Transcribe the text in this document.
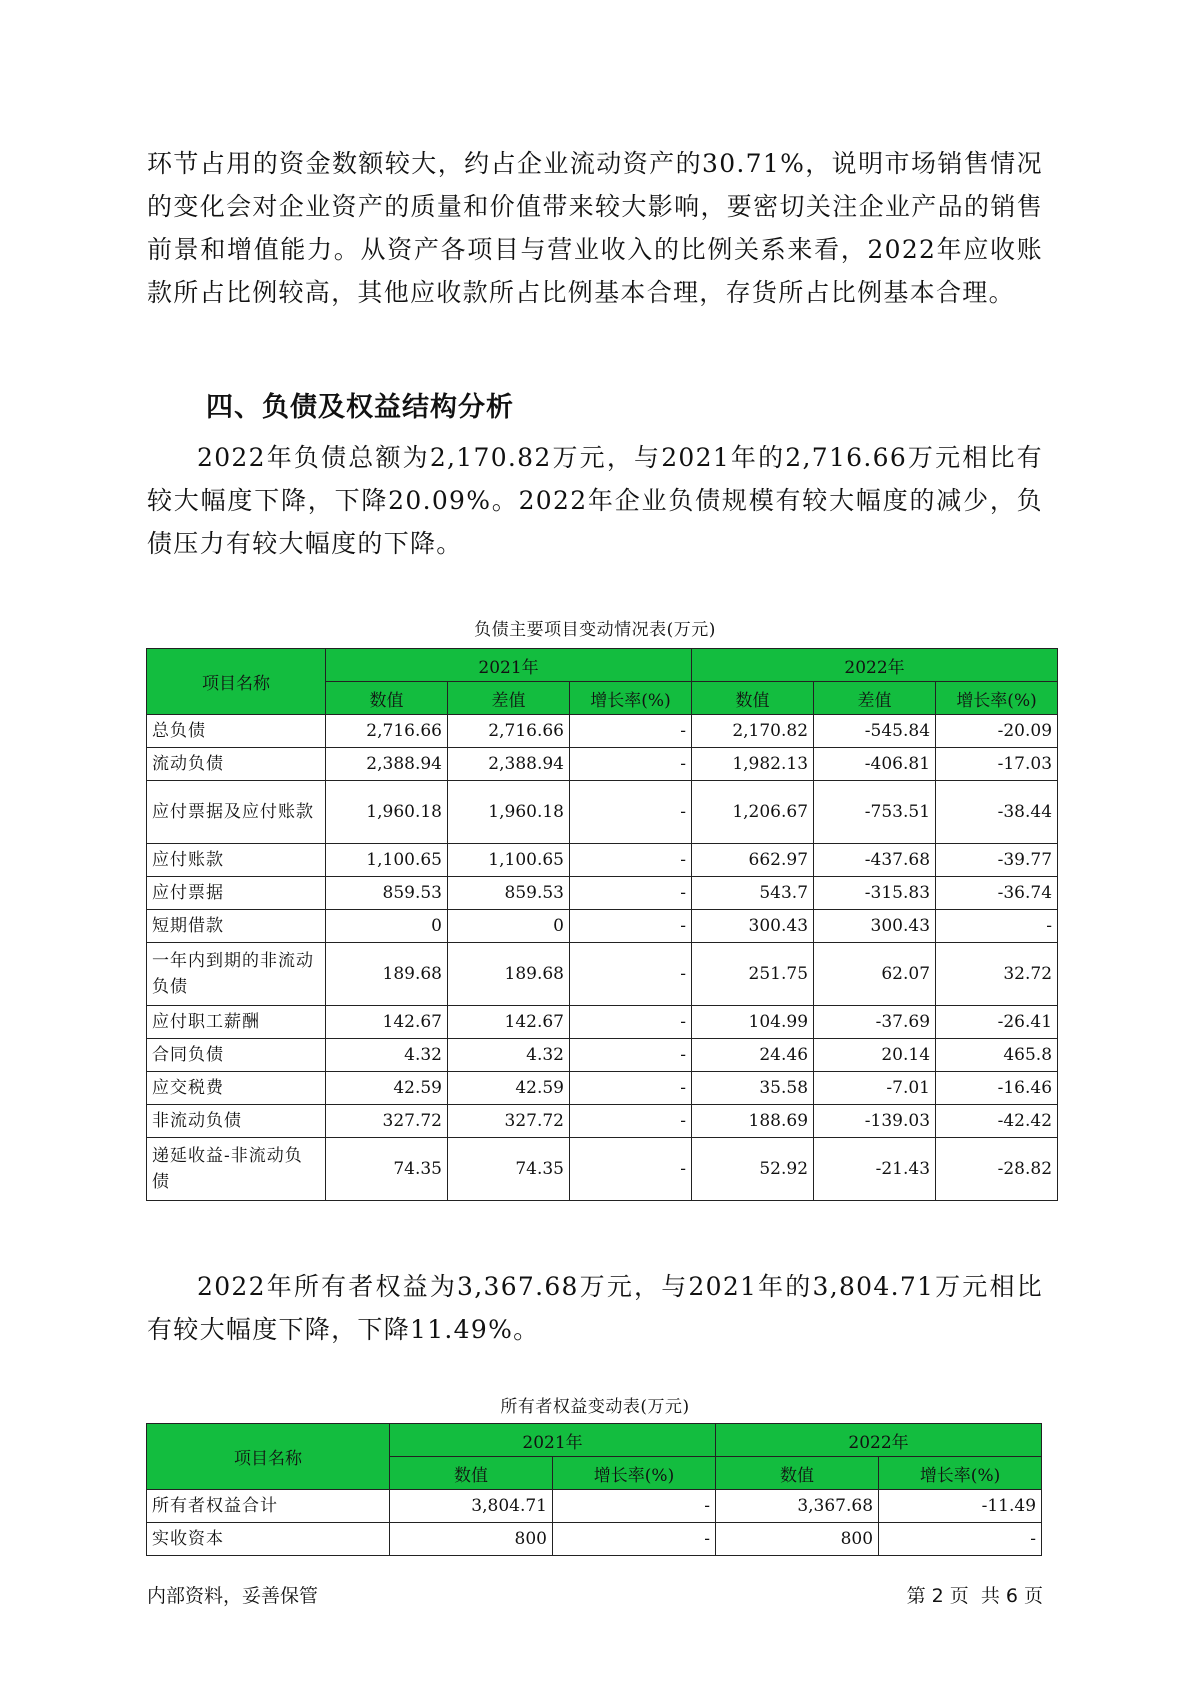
环节占用的资金数额较大，约占企业流动资产的30.71%，说明市场销售情况的变化会对企业资产的质量和价值带来较大影响，要密切关注企业产品的销售前景和增值能力。从资产各项目与营业收入的比例关系来看，2022年应收账款所占比例较高，其他应收款所占比例基本合理，存货所占比例基本合理。

四、负债及权益结构分析

2022年负债总额为2,170.82万元，与2021年的2,716.66万元相比有较大幅度下降，下降20.09%。2022年企业负债规模有较大幅度的减少，负债压力有较大幅度的下降。

负债主要项目变动情况表(万元)
项目名称	2021年			2022年		
	数值	差值	增长率(%)	数值	差值	增长率(%)
总负债	2,716.66	2,716.66	-	2,170.82	-545.84	-20.09
流动负债	2,388.94	2,388.94	-	1,982.13	-406.81	-17.03
应付票据及应付账款	1,960.18	1,960.18	-	1,206.67	-753.51	-38.44
应付账款	1,100.65	1,100.65	-	662.97	-437.68	-39.77
应付票据	859.53	859.53	-	543.7	-315.83	-36.74
短期借款	0	0	-	300.43	300.43	-
一年内到期的非流动负债	189.68	189.68	-	251.75	62.07	32.72
应付职工薪酬	142.67	142.67	-	104.99	-37.69	-26.41
合同负债	4.32	4.32	-	24.46	20.14	465.8
应交税费	42.59	42.59	-	35.58	-7.01	-16.46
非流动负债	327.72	327.72	-	188.69	-139.03	-42.42
递延收益-非流动负债	74.35	74.35	-	52.92	-21.43	-28.82

2022年所有者权益为3,367.68万元，与2021年的3,804.71万元相比有较大幅度下降，下降11.49%。

所有者权益变动表(万元)
项目名称	2021年		2022年	
	数值	增长率(%)	数值	增长率(%)
所有者权益合计	3,804.71	-	3,367.68	-11.49
实收资本	800	-	800	-
内部资料，妥善保管	第 2 页  共 6 页
